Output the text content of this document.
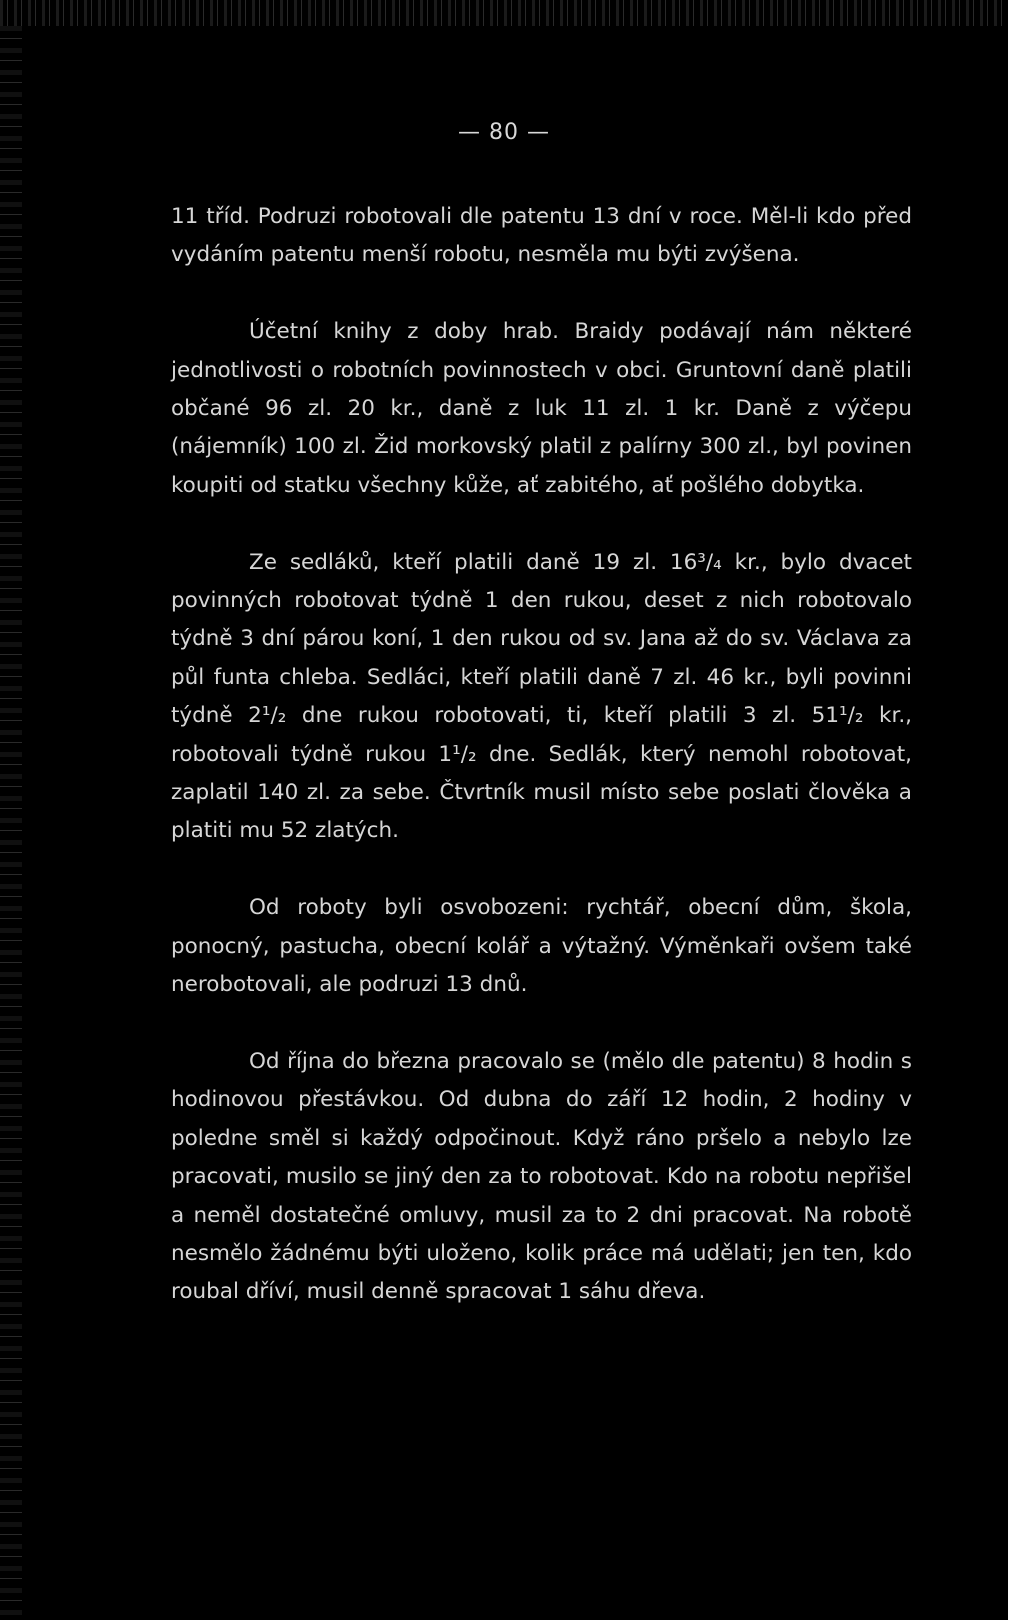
— 80 —

11 tříd. Podruzi robotovali dle patentu 13 dní v roce. Měl-li kdo před vydáním patentu menší robotu, nesměla mu býti zvýšena.

Účetní knihy z doby hrab. Braidy podávají nám některé jednotlivosti o robotních povinnostech v obci. Gruntovní daně platili občané 96 zl. 20 kr., daně z luk 11 zl. 1 kr. Daně z výčepu (nájemník) 100 zl. Žid morkovský platil z palírny 300 zl., byl povinen koupiti od statku všechny kůže, ať zabitého, ať pošlého dobytka.

Ze sedláků, kteří platili daně 19 zl. 16³/₄ kr., bylo dvacet povinných robotovat týdně 1 den rukou, deset z nich robotovalo týdně 3 dní párou koní, 1 den rukou od sv. Jana až do sv. Václava za půl funta chleba. Sedláci, kteří platili daně 7 zl. 46 kr., byli povinni týdně 2¹/₂ dne rukou robotovati, ti, kteří platili 3 zl. 51¹/₂ kr., robotovali týdně rukou 1¹/₂ dne. Sedlák, který nemohl robotovat, zaplatil 140 zl. za sebe. Čtvrtník musil místo sebe poslati člověka a platiti mu 52 zlatých.

Od roboty byli osvobozeni: rychtář, obecní dům, škola, ponocný, pastucha, obecní kolář a výtažný. Výměnkaři ovšem také nerobotovali, ale podruzi 13 dnů.

Od října do března pracovalo se (mělo dle patentu) 8 hodin s hodinovou přestávkou. Od dubna do září 12 hodin, 2 hodiny v poledne směl si každý odpočinout. Když ráno pršelo a nebylo lze pracovati, musilo se jiný den za to robotovat. Kdo na robotu nepřišel a neměl dostatečné omluvy, musil za to 2 dni pracovat. Na robotě nesmělo žádnému býti uloženo, kolik práce má udělati; jen ten, kdo roubal dříví, musil denně spracovat 1 sáhu dřeva.
